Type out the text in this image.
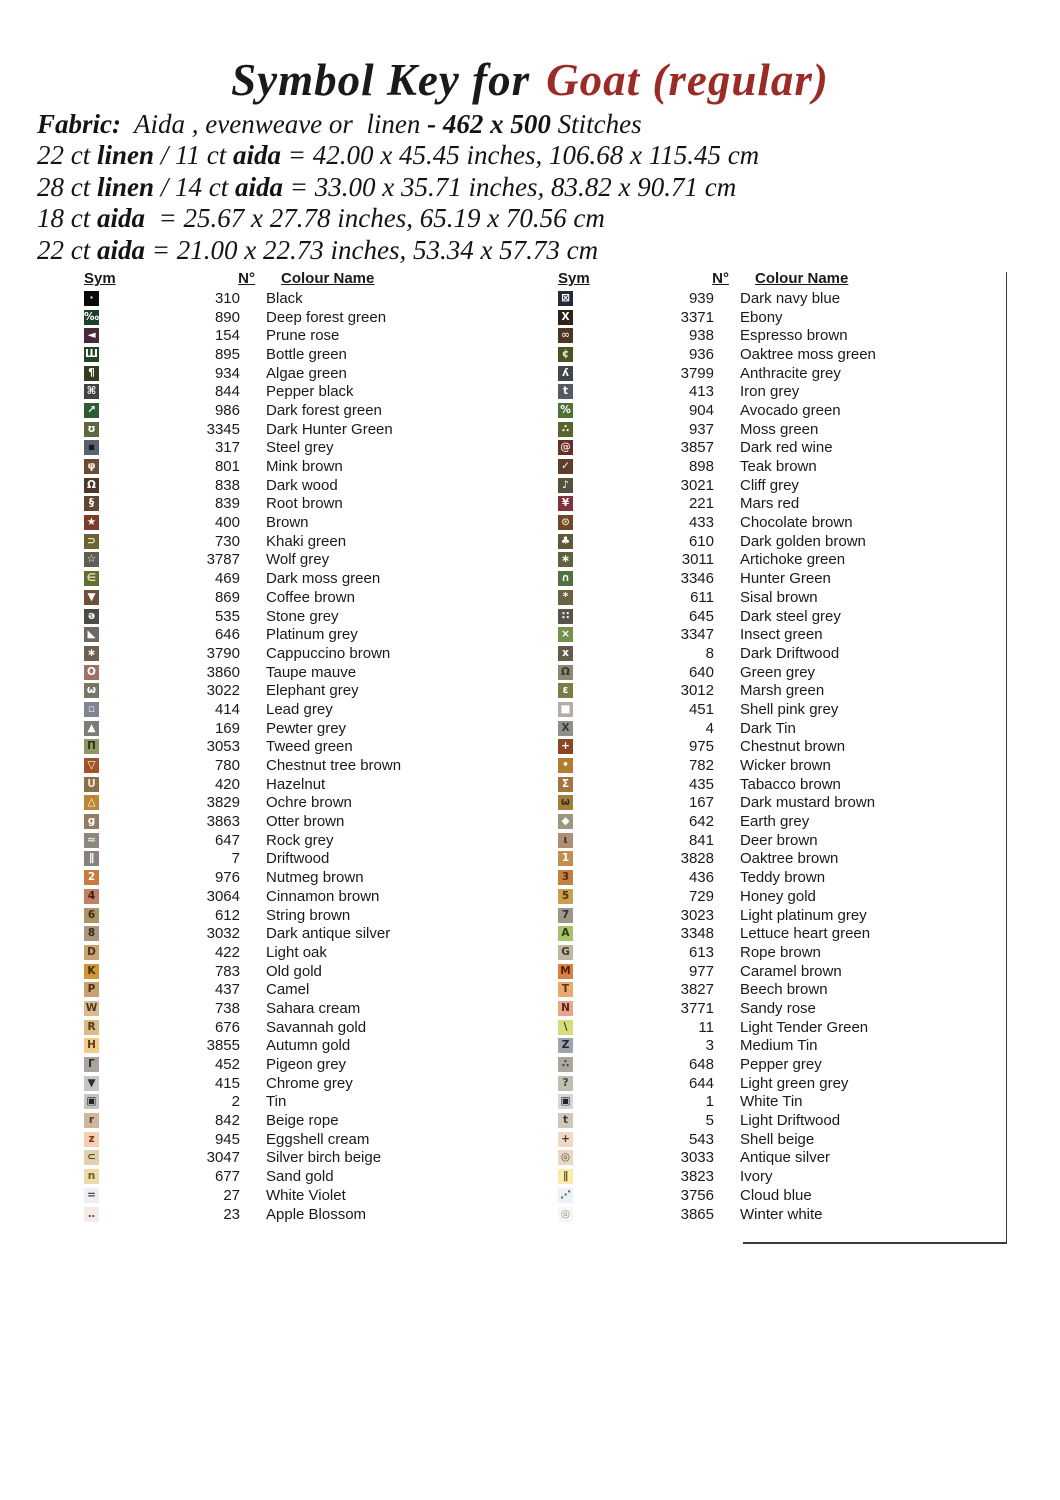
Symbol Key for Goat (regular)
Fabric:  Aida , evenweave or  linen - 462 x 500 Stitches
22 ct linen / 11 ct aida = 42.00 x 45.45 inches, 106.68 x 115.45 cm
28 ct linen / 14 ct aida = 33.00 x 35.71 inches, 83.82 x 90.71 cm
18 ct aida  = 25.67 x 27.78 inches, 65.19 x 70.56 cm
22 ct aida = 21.00 x 22.73 inches, 53.34 x 57.73 cm
Sym	N° Colour Name
·	310 Black
‰	890 Deep forest green
◄	154 Prune rose
Ш	895 Bottle green
¶	934 Algae green
⌘	844 Pepper black
↗	986 Dark forest green
ʊ	3345 Dark Hunter Green
▪	317 Steel grey
φ	801 Mink brown
Ω	838 Dark wood
§	839 Root brown
★	400 Brown
⊃	730 Khaki green
☆	3787 Wolf grey
∈	469 Dark moss green
▼	869 Coffee brown
ə	535 Stone grey
◣	646 Platinum grey
∗	3790 Cappuccino brown
O	3860 Taupe mauve
ω	3022 Elephant grey
▫	414 Lead grey
▲	169 Pewter grey
Π	3053 Tweed green
▽	780 Chestnut tree brown
U	420 Hazelnut
△	3829 Ochre brown
g	3863 Otter brown
≈	647 Rock grey
∥	7 Driftwood
2	976 Nutmeg brown
4	3064 Cinnamon brown
6	612 String brown
8	3032 Dark antique silver
D	422 Light oak
K	783 Old gold
P	437 Camel
W	738 Sahara cream
R	676 Savannah gold
H	3855 Autumn gold
Γ	452 Pigeon grey
▼	415 Chrome grey
▣	2 Tin
r	842 Beige rope
z	945 Eggshell cream
⊂	3047 Silver birch beige
n	677 Sand gold
=	27 White Violet
‥	23 Apple Blossom
Sym	N° Colour Name
⊠	939 Dark navy blue
X	3371 Ebony
∞	938 Espresso brown
¢	936 Oaktree moss green
ʎ	3799 Anthracite grey
t	413 Iron grey
%	904 Avocado green
∴	937 Moss green
@	3857 Dark red wine
✓	898 Teak brown
♪	3021 Cliff grey
¥	221 Mars red
⊙	433 Chocolate brown
♣	610 Dark golden brown
∗	3011 Artichoke green
∩	3346 Hunter Green
*	611 Sisal brown
∷	645 Dark steel grey
×	3347 Insect green
x	8 Dark Driftwood
Ω	640 Green grey
ε	3012 Marsh green
■	451 Shell pink grey
Χ	4 Dark Tin
+	975 Chestnut brown
•	782 Wicker brown
Σ	435 Tabacco brown
ω	167 Dark mustard brown
◆	642 Earth grey
ι	841 Deer brown
1	3828 Oaktree brown
3	436 Teddy brown
5	729 Honey gold
7	3023 Light platinum grey
A	3348 Lettuce heart green
G	613 Rope brown
M	977 Caramel brown
T	3827 Beech brown
N	3771 Sandy rose
\	11 Light Tender Green
Z	3 Medium Tin
∴	648 Pepper grey
?	644 Light green grey
▣	1 White Tin
t	5 Light Driftwood
+	543 Shell beige
◎	3033 Antique silver
∥	3823 Ivory
⋰	3756 Cloud blue
◎	3865 Winter white
